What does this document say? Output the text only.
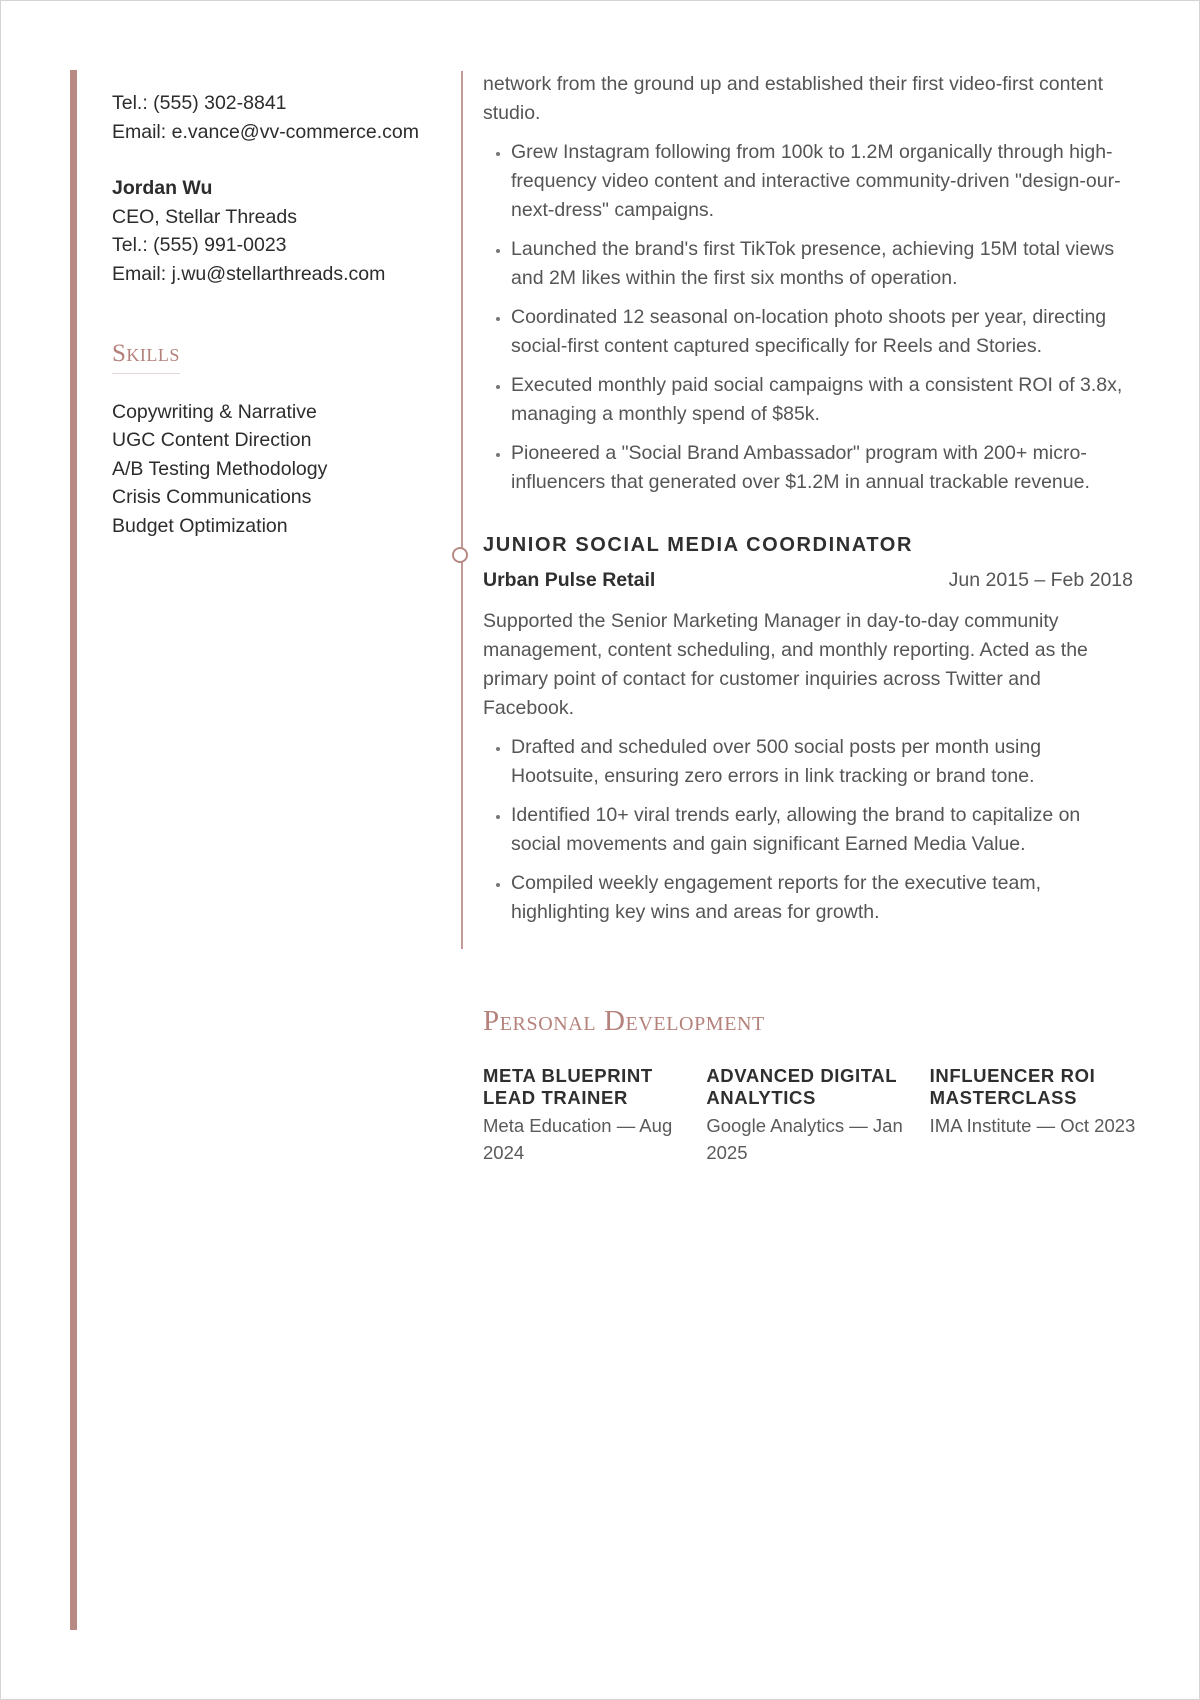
Tel.: (555) 302-8841

Email: e.vance@vv-commerce.com

Jordan Wu

CEO, Stellar Threads

Tel.: (555) 991-0023

Email: j.wu@stellarthreads.com

Skills

Copywriting & Narrative

UGC Content Direction

A/B Testing Methodology

Crisis Communications

Budget Optimization

network from the ground up and established their first video-first content studio.

• Grew Instagram following from 100k to 1.2M organically through high-frequency video content and interactive community-driven "design-our-next-dress" campaigns.
• Launched the brand's first TikTok presence, achieving 15M total views and 2M likes within the first six months of operation.
• Coordinated 12 seasonal on-location photo shoots per year, directing social-first content captured specifically for Reels and Stories.
• Executed monthly paid social campaigns with a consistent ROI of 3.8x, managing a monthly spend of $85k.
• Pioneered a "Social Brand Ambassador" program with 200+ micro-influencers that generated over $1.2M in annual trackable revenue.
JUNIOR SOCIAL MEDIA COORDINATOR
Urban Pulse Retail	Jun 2015 – Feb 2018

Supported the Senior Marketing Manager in day-to-day community management, content scheduling, and monthly reporting. Acted as the primary point of contact for customer inquiries across Twitter and Facebook.

• Drafted and scheduled over 500 social posts per month using Hootsuite, ensuring zero errors in link tracking or brand tone.
• Identified 10+ viral trends early, allowing the brand to capitalize on social movements and gain significant Earned Media Value.
• Compiled weekly engagement reports for the executive team, highlighting key wins and areas for growth.
Personal Development
META BLUEPRINT LEAD TRAINER
Meta Education — Aug 2024
ADVANCED DIGITAL ANALYTICS
Google Analytics — Jan 2025
INFLUENCER ROI MASTERCLASS
IMA Institute — Oct 2023
